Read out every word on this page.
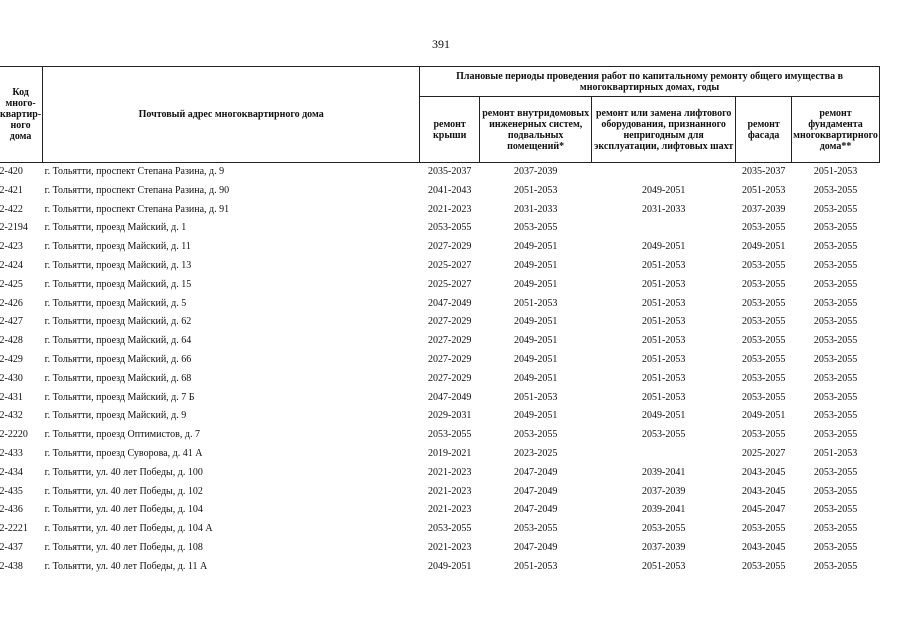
391
Код много-квартир-ного дома	Почтовый адрес многоквартирного дома	Плановые периоды проведения работ по капитальному ремонту общего имущества в многоквартирных домах, годы				
		ремонт крыши	ремонт внутридомовых инженерных систем, подвальных помещений*	ремонт или замена лифтового оборудования, признанного непригодным для эксплуатации, лифтовых шахт	ремонт фасада	ремонт фундамента многоквартирного дома**
2-420	г. Тольятти, проспект Степана Разина, д. 9	2035-2037	2037-2039		2035-2037	2051-2053
2-421	г. Тольятти, проспект Степана Разина, д. 90	2041-2043	2051-2053	2049-2051	2051-2053	2053-2055
2-422	г. Тольятти, проспект Степана Разина, д. 91	2021-2023	2031-2033	2031-2033	2037-2039	2053-2055
2-2194	г. Тольятти, проезд Майский, д. 1	2053-2055	2053-2055		2053-2055	2053-2055
2-423	г. Тольятти, проезд Майский, д. 11	2027-2029	2049-2051	2049-2051	2049-2051	2053-2055
2-424	г. Тольятти, проезд Майский, д. 13	2025-2027	2049-2051	2051-2053	2053-2055	2053-2055
2-425	г. Тольятти, проезд Майский, д. 15	2025-2027	2049-2051	2051-2053	2053-2055	2053-2055
2-426	г. Тольятти, проезд Майский, д. 5	2047-2049	2051-2053	2051-2053	2053-2055	2053-2055
2-427	г. Тольятти, проезд Майский, д. 62	2027-2029	2049-2051	2051-2053	2053-2055	2053-2055
2-428	г. Тольятти, проезд Майский, д. 64	2027-2029	2049-2051	2051-2053	2053-2055	2053-2055
2-429	г. Тольятти, проезд Майский, д. 66	2027-2029	2049-2051	2051-2053	2053-2055	2053-2055
2-430	г. Тольятти, проезд Майский, д. 68	2027-2029	2049-2051	2051-2053	2053-2055	2053-2055
2-431	г. Тольятти, проезд Майский, д. 7 Б	2047-2049	2051-2053	2051-2053	2053-2055	2053-2055
2-432	г. Тольятти, проезд Майский, д. 9	2029-2031	2049-2051	2049-2051	2049-2051	2053-2055
2-2220	г. Тольятти, проезд Оптимистов, д. 7	2053-2055	2053-2055	2053-2055	2053-2055	2053-2055
2-433	г. Тольятти, проезд Суворова, д. 41 А	2019-2021	2023-2025		2025-2027	2051-2053
2-434	г. Тольятти, ул. 40 лет Победы, д. 100	2021-2023	2047-2049	2039-2041	2043-2045	2053-2055
2-435	г. Тольятти, ул. 40 лет Победы, д. 102	2021-2023	2047-2049	2037-2039	2043-2045	2053-2055
2-436	г. Тольятти, ул. 40 лет Победы, д. 104	2021-2023	2047-2049	2039-2041	2045-2047	2053-2055
2-2221	г. Тольятти, ул. 40 лет Победы, д. 104 А	2053-2055	2053-2055	2053-2055	2053-2055	2053-2055
2-437	г. Тольятти, ул. 40 лет Победы, д. 108	2021-2023	2047-2049	2037-2039	2043-2045	2053-2055
2-438	г. Тольятти, ул. 40 лет Победы, д. 11 А	2049-2051	2051-2053	2051-2053	2053-2055	2053-2055
